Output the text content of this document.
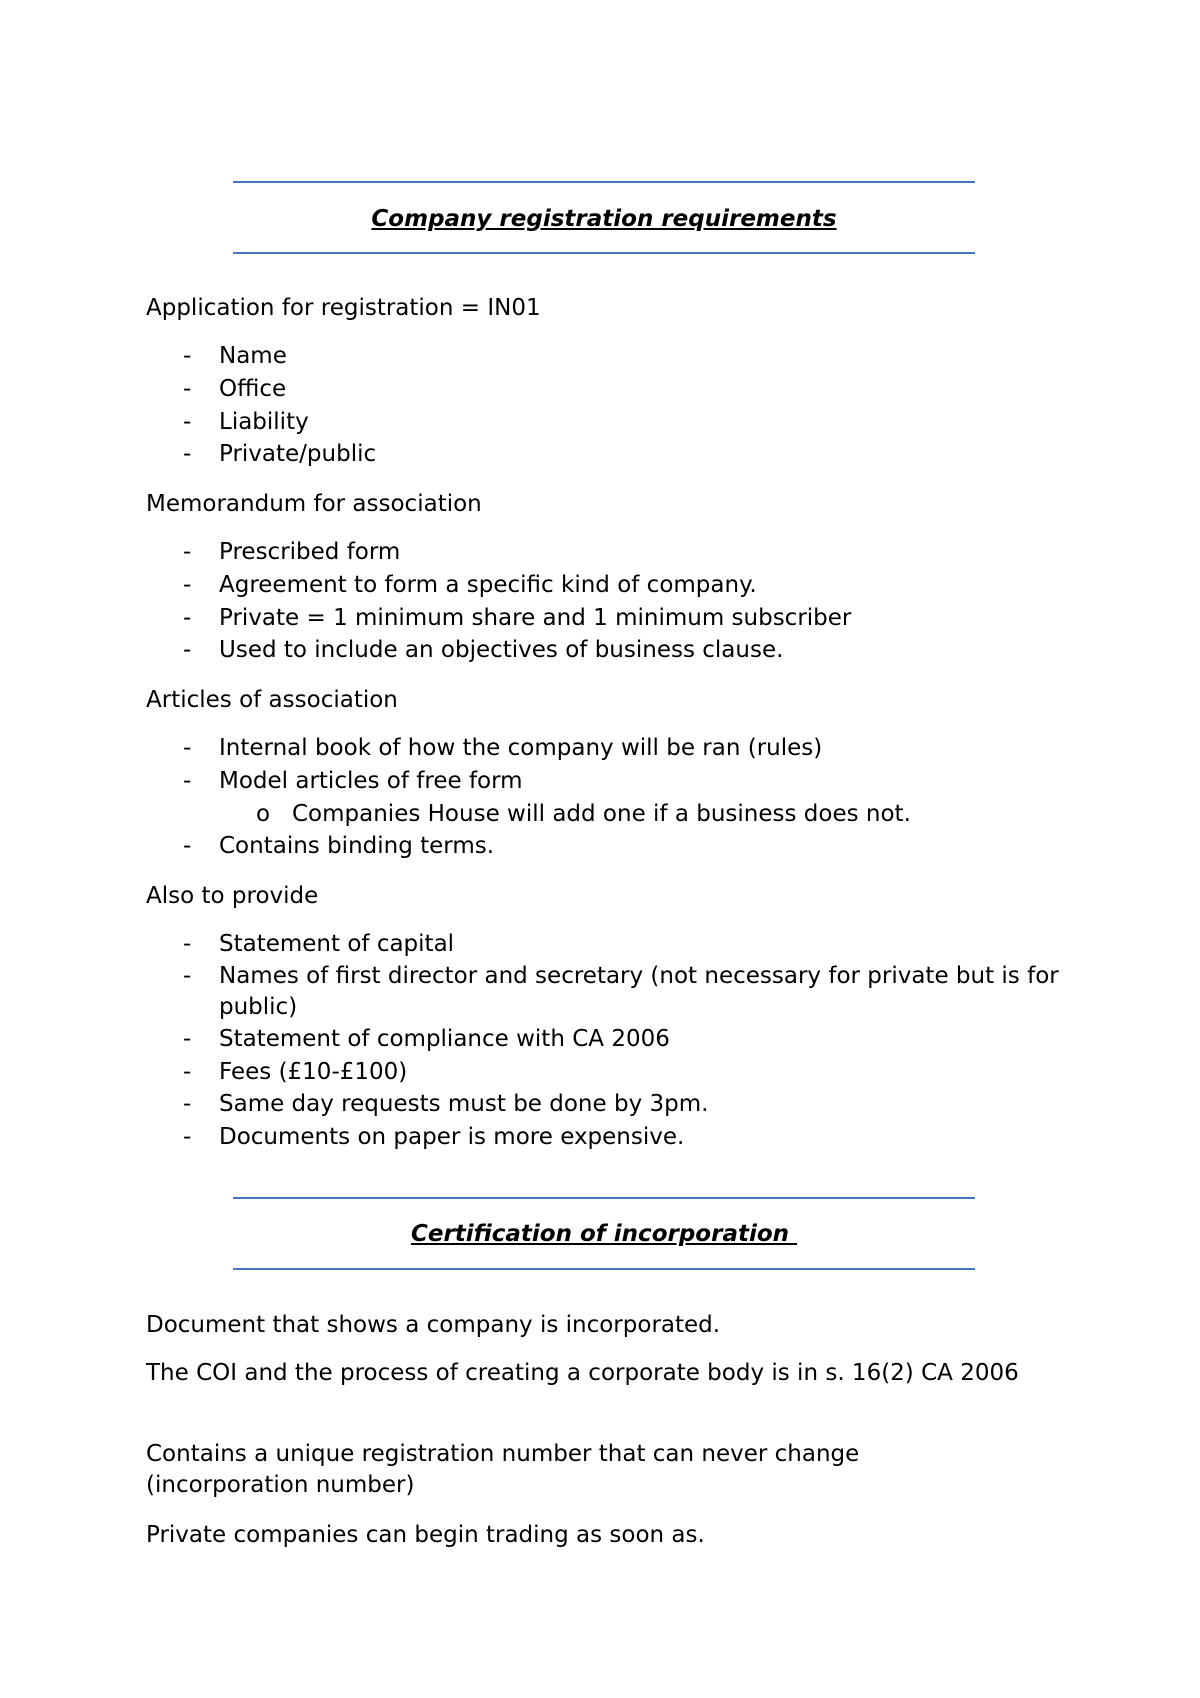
Company registration requirements
Application for registration = IN01
- Name
- Office
- Liability
- Private/public
Memorandum for association
- Prescribed form
- Agreement to form a specific kind of company.
- Private = 1 minimum share and 1 minimum subscriber
- Used to include an objectives of business clause.
Articles of association
- Internal book of how the company will be ran (rules)
- Model articles of free form
o Companies House will add one if a business does not.
- Contains binding terms.
Also to provide
- Statement of capital
- Names of first director and secretary (not necessary for private but is for public)
- Statement of compliance with CA 2006
- Fees (£10-£100)
- Same day requests must be done by 3pm.
- Documents on paper is more expensive.
Certification of incorporation
Document that shows a company is incorporated.
The COI and the process of creating a corporate body is in s. 16(2) CA 2006
Contains a unique registration number that can never change (incorporation number)
Private companies can begin trading as soon as.
